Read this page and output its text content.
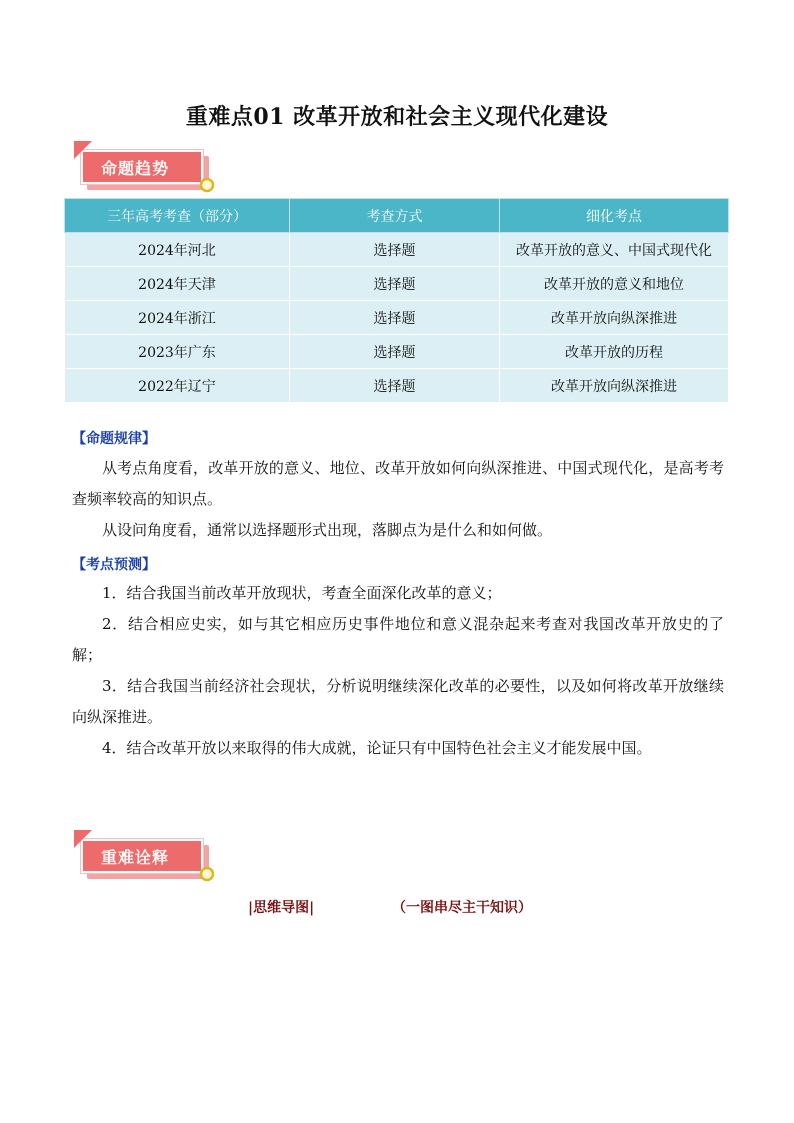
重难点01 改革开放和社会主义现代化建设
命题趋势
三年高考考查（部分）	考查方式	细化考点
2024年河北	选择题	改革开放的意义、中国式现代化
2024年天津	选择题	改革开放的意义和地位
2024年浙江	选择题	改革开放向纵深推进
2023年广东	选择题	改革开放的历程
2022年辽宁	选择题	改革开放向纵深推进
【命题规律】
从考点角度看，改革开放的意义、地位、改革开放如何向纵深推进、中国式现代化，是高考考查频率较高的知识点。
从设问角度看，通常以选择题形式出现，落脚点为是什么和如何做。
【考点预测】
1．结合我国当前改革开放现状，考查全面深化改革的意义；
2．结合相应史实，如与其它相应历史事件地位和意义混杂起来考查对我国改革开放史的了解；
3．结合我国当前经济社会现状，分析说明继续深化改革的必要性，以及如何将改革开放继续向纵深推进。
4．结合改革开放以来取得的伟大成就，论证只有中国特色社会主义才能发展中国。
重难诠释
|思维导图|	（一图串尽主干知识）
